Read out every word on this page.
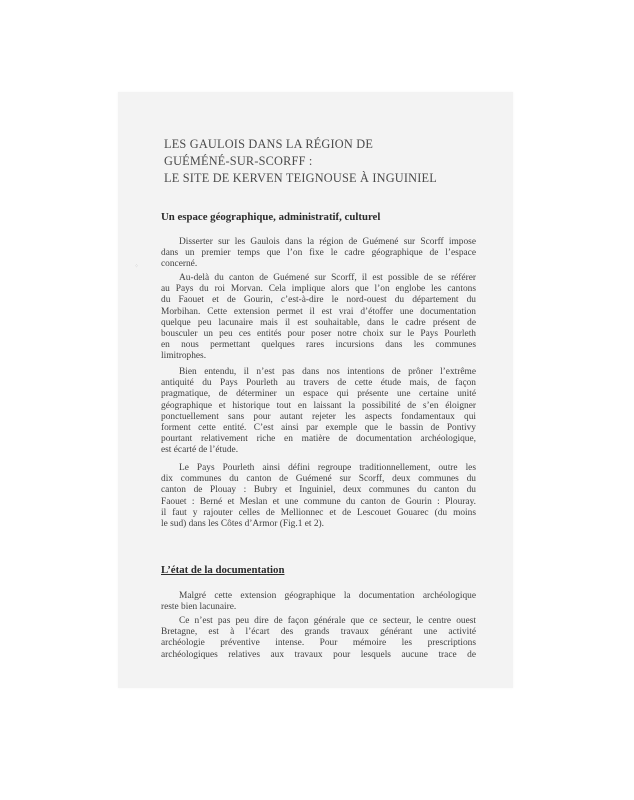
⁘
LES GAULOIS DANS LA RÉGION DE
GUÉMÉNÉ-SUR-SCORFF :
LE SITE DE KERVEN TEIGNOUSE À INGUINIEL
Un espace géographique, administratif, culturel
Disserter sur les Gaulois dans la région de Guémené sur Scorff impose
dans un premier temps que l’on fixe le cadre géographique de l’espace
concerné.
Au-delà du canton de Guémené sur Scorff, il est possible de se référer
au Pays du roi Morvan. Cela implique alors que l’on englobe les cantons
du Faouet et de Gourin, c’est-à-dire le nord-ouest du département du
Morbihan. Cette extension permet il est vrai d’étoffer une documentation
quelque peu lacunaire mais il est souhaitable, dans le cadre présent de
bousculer un peu ces entités pour poser notre choix sur le Pays Pourleth
en nous permettant quelques rares incursions dans les communes
limitrophes.
Bien entendu, il n’est pas dans nos intentions de prôner l’extrême
antiquité du Pays Pourleth au travers de cette étude mais, de façon
pragmatique, de déterminer un espace qui présente une certaine unité
géographique et historique tout en laissant la possibilité de s’en éloigner
ponctuellement sans pour autant rejeter les aspects fondamentaux qui
forment cette entité. C’est ainsi par exemple que le bassin de Pontivy
pourtant relativement riche en matière de documentation archéologique,
est écarté de l’étude.
Le Pays Pourleth ainsi défini regroupe traditionnellement, outre les
dix communes du canton de Guémené sur Scorff, deux communes du
canton de Plouay : Bubry et Inguiniel, deux communes du canton du
Faouet : Berné et Meslan et une commune du canton de Gourin : Plouray.
il faut y rajouter celles de Mellionnec et de Lescouet Gouarec (du moins
le sud) dans les Côtes d’Armor (Fig.1 et 2).
L’état de la documentation
Malgré cette extension géographique la documentation archéologique
reste bien lacunaire.
Ce n’est pas peu dire de façon générale que ce secteur, le centre ouest
Bretagne, est à l’écart des grands travaux générant une activité
archéologie préventive intense. Pour mémoire les prescriptions
archéologiques relatives aux travaux pour lesquels aucune trace de
